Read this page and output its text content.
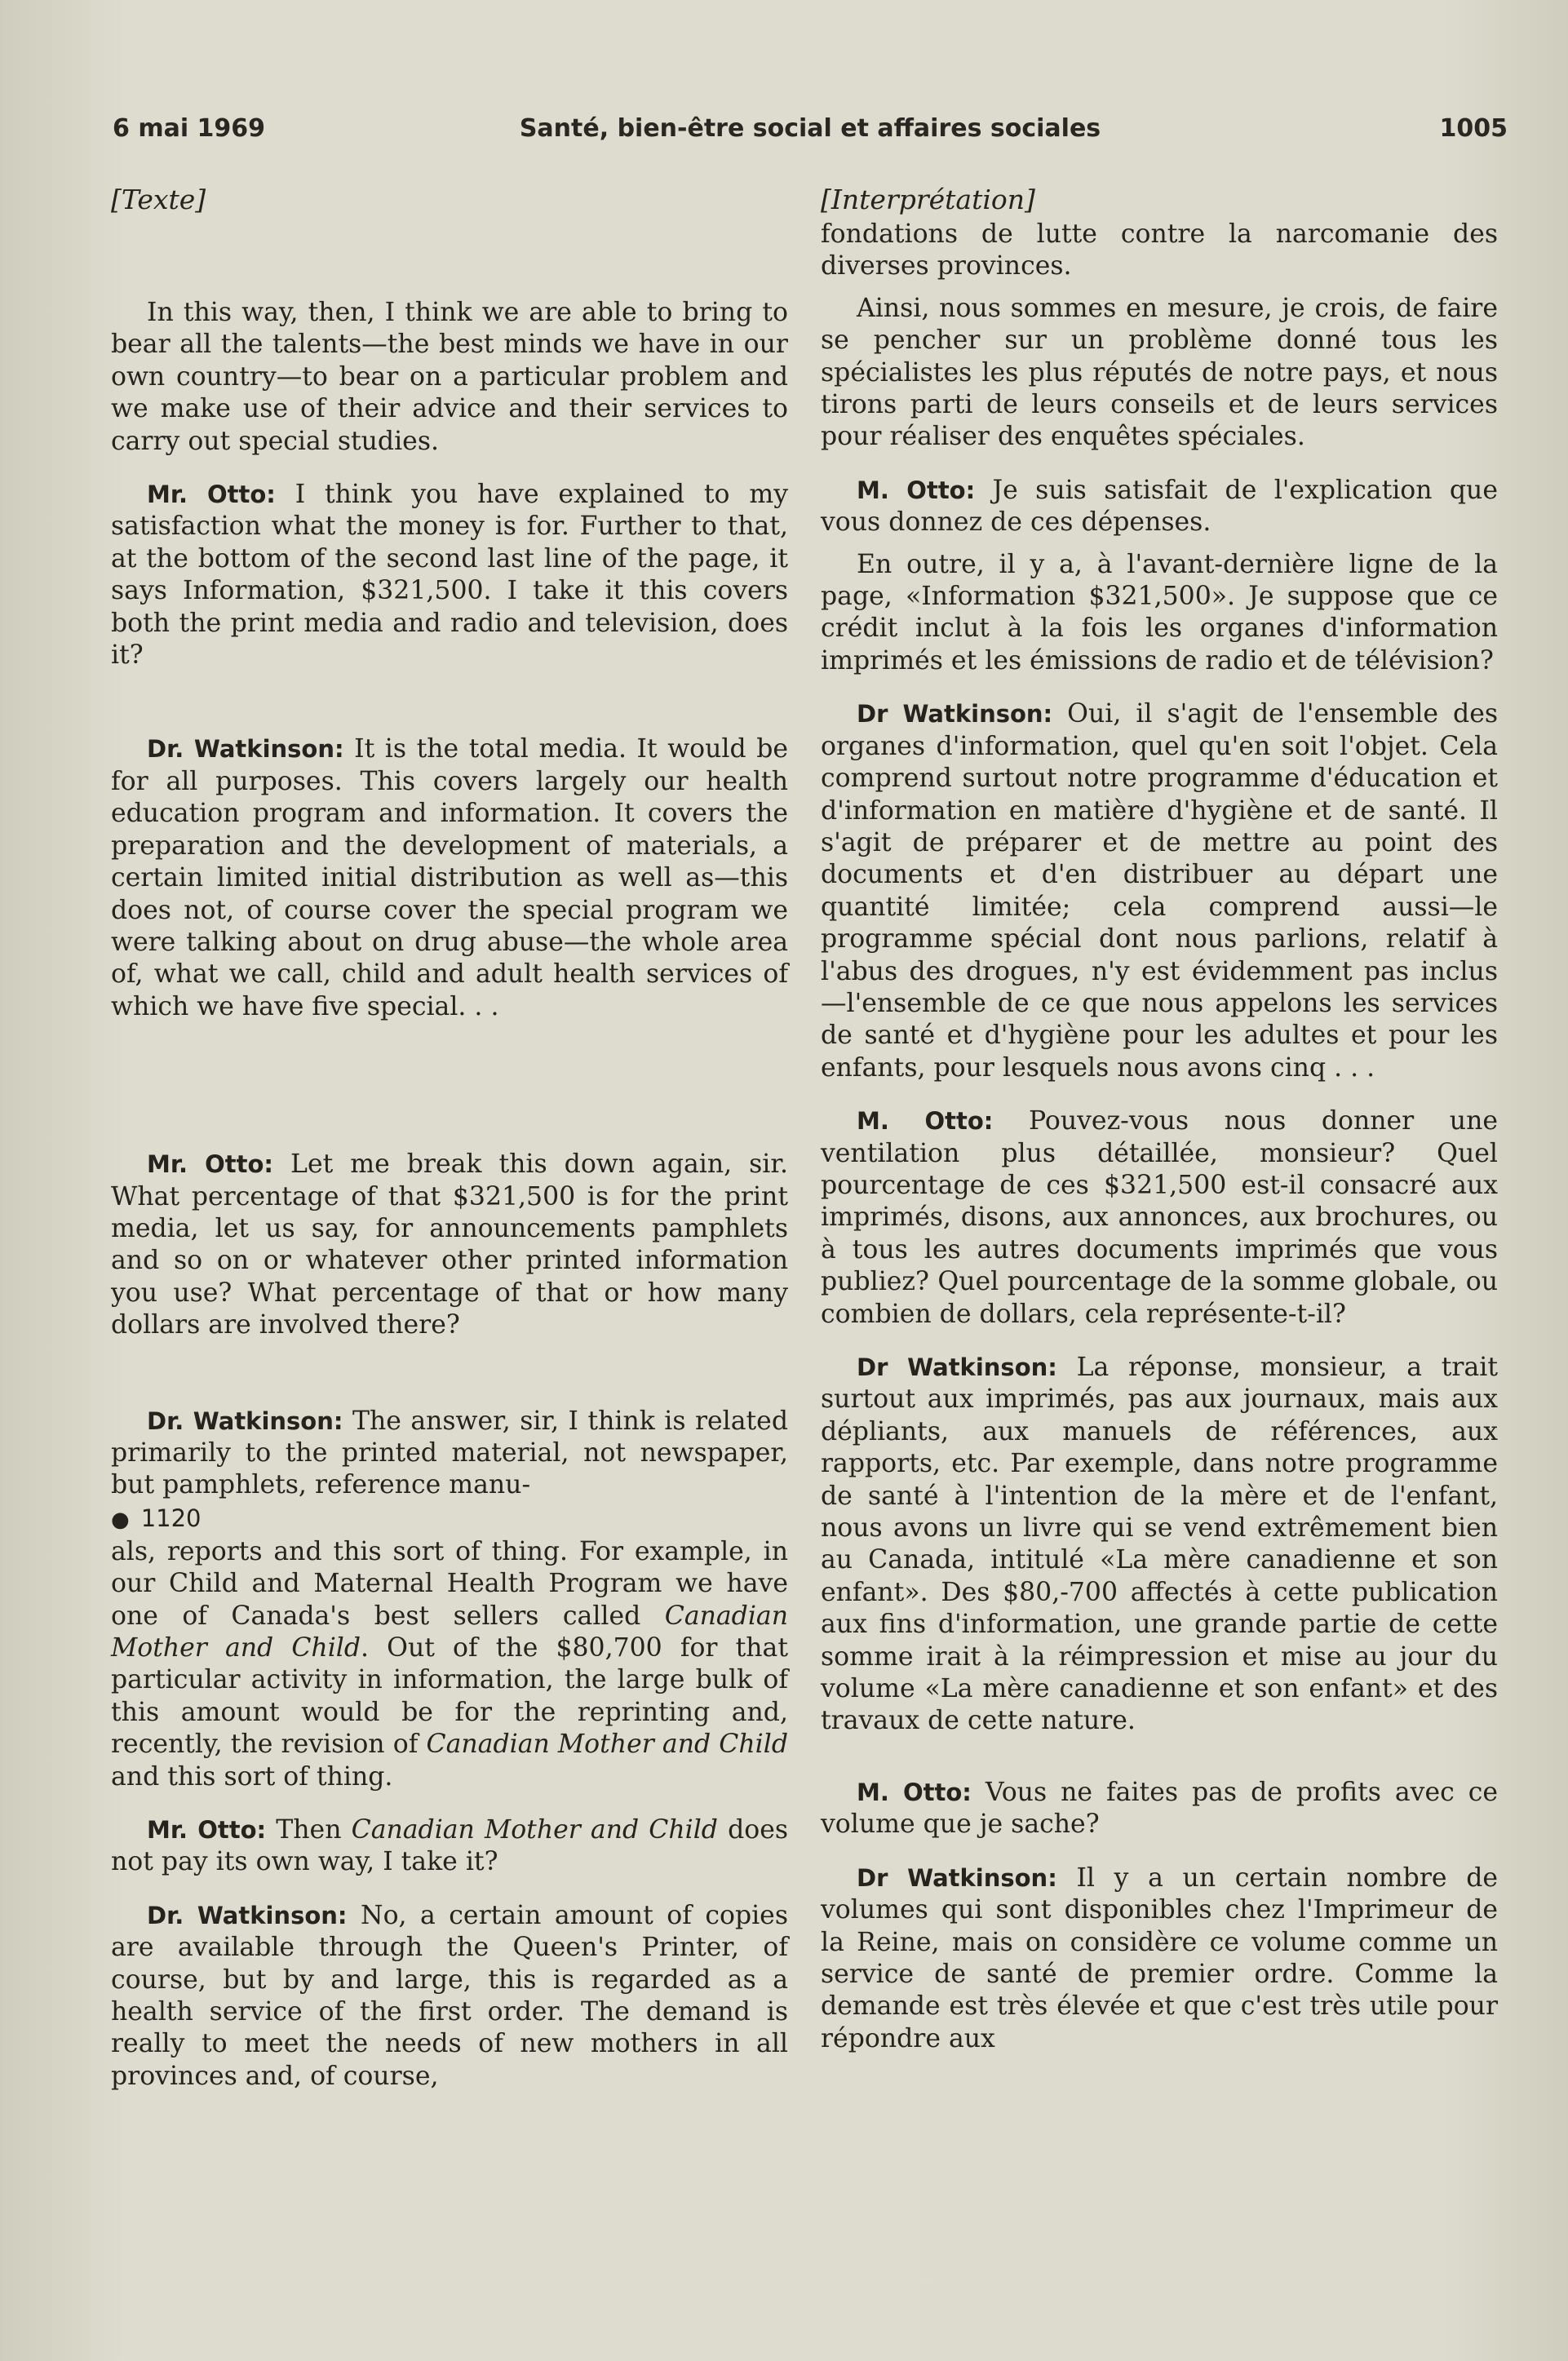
6 mai 1969	Santé, bien-être social et affaires sociales	1005

[Texte]

In this way, then, I think we are able to bring to bear all the talents—the best minds we have in our own country—to bear on a particular problem and we make use of their advice and their services to carry out special studies.

Mr. Otto: I think you have explained to my satisfaction what the money is for. Further to that, at the bottom of the second last line of the page, it says Information, $321,500. I take it this covers both the print media and radio and television, does it?

Dr. Watkinson: It is the total media. It would be for all purposes. This covers largely our health education program and information. It covers the preparation and the development of materials, a certain limited initial distribution as well as—this does not, of course cover the special program we were talking about on drug abuse—the whole area of, what we call, child and adult health services of which we have five special. . .

Mr. Otto: Let me break this down again, sir. What percentage of that $321,500 is for the print media, let us say, for announcements pamphlets and so on or whatever other printed information you use? What percentage of that or how many dollars are involved there?

Dr. Watkinson: The answer, sir, I think is related primarily to the printed material, not newspaper, but pamphlets, reference manu-

● 1120

als, reports and this sort of thing. For example, in our Child and Maternal Health Program we have one of Canada's best sellers called Canadian Mother and Child. Out of the $80,700 for that particular activity in information, the large bulk of this amount would be for the reprinting and, recently, the revision of Canadian Mother and Child and this sort of thing.

Mr. Otto: Then Canadian Mother and Child does not pay its own way, I take it?

Dr. Watkinson: No, a certain amount of copies are available through the Queen's Printer, of course, but by and large, this is regarded as a health service of the first order. The demand is really to meet the needs of new mothers in all provinces and, of course,

[Interprétation]

fondations de lutte contre la narcomanie des diverses provinces.

Ainsi, nous sommes en mesure, je crois, de faire se pencher sur un problème donné tous les spécialistes les plus réputés de notre pays, et nous tirons parti de leurs conseils et de leurs services pour réaliser des enquêtes spéciales.

M. Otto: Je suis satisfait de l'explication que vous donnez de ces dépenses.

En outre, il y a, à l'avant-dernière ligne de la page, «Information $321,500». Je suppose que ce crédit inclut à la fois les organes d'information imprimés et les émissions de radio et de télévision?

Dr Watkinson: Oui, il s'agit de l'ensemble des organes d'information, quel qu'en soit l'objet. Cela comprend surtout notre programme d'éducation et d'information en matière d'hygiène et de santé. Il s'agit de préparer et de mettre au point des documents et d'en distribuer au départ une quantité limitée; cela comprend aussi—le programme spécial dont nous parlions, relatif à l'abus des drogues, n'y est évidemment pas inclus—l'ensemble de ce que nous appelons les services de santé et d'hygiène pour les adultes et pour les enfants, pour lesquels nous avons cinq . . .

M. Otto: Pouvez-vous nous donner une ventilation plus détaillée, monsieur? Quel pourcentage de ces $321,500 est-il consacré aux imprimés, disons, aux annonces, aux brochures, ou à tous les autres documents imprimés que vous publiez? Quel pourcentage de la somme globale, ou combien de dollars, cela représente-t-il?

Dr Watkinson: La réponse, monsieur, a trait surtout aux imprimés, pas aux journaux, mais aux dépliants, aux manuels de références, aux rapports, etc. Par exemple, dans notre programme de santé à l'intention de la mère et de l'enfant, nous avons un livre qui se vend extrêmement bien au Canada, intitulé «La mère canadienne et son enfant». Des $80,-700 affectés à cette publication aux fins d'information, une grande partie de cette somme irait à la réimpression et mise au jour du volume «La mère canadienne et son enfant» et des travaux de cette nature.

M. Otto: Vous ne faites pas de profits avec ce volume que je sache?

Dr Watkinson: Il y a un certain nombre de volumes qui sont disponibles chez l'Imprimeur de la Reine, mais on considère ce volume comme un service de santé de premier ordre. Comme la demande est très élevée et que c'est très utile pour répondre aux
